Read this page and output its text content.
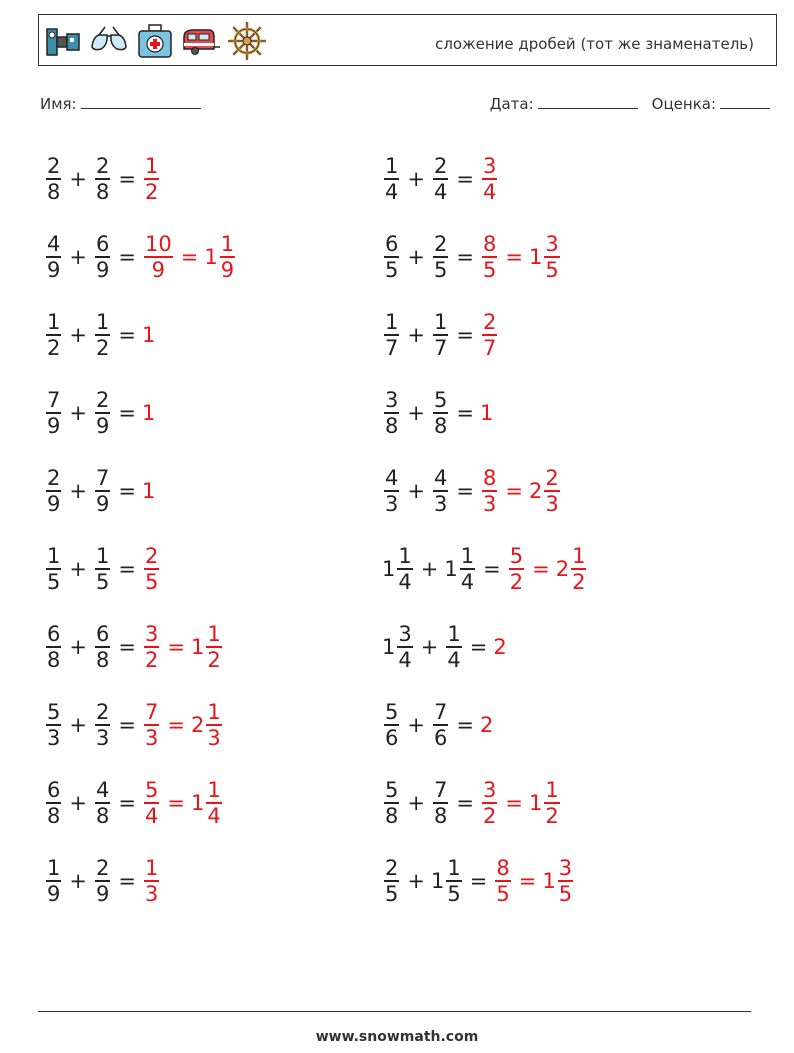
сложение дробей (тот же знаменатель)
Имя:	Дата:	Оценка:
$\frac{2}{8} + \frac{2}{8} = \frac{1}{2}$
$\frac{4}{9} + \frac{6}{9} = \frac{10}{9} = 1 \frac{1}{9}$
$\frac{1}{2} + \frac{1}{2} = 1$
$\frac{7}{9} + \frac{2}{9} = 1$
$\frac{2}{9} + \frac{7}{9} = 1$
$\frac{1}{5} + \frac{1}{5} = \frac{2}{5}$
$\frac{6}{8} + \frac{6}{8} = \frac{3}{2} = 1 \frac{1}{2}$
$\frac{5}{3} + \frac{2}{3} = \frac{7}{3} = 2 \frac{1}{3}$
$\frac{6}{8} + \frac{4}{8} = \frac{5}{4} = 1 \frac{1}{4}$
$\frac{1}{9} + \frac{2}{9} = \frac{1}{3}$
$\frac{1}{4} + \frac{2}{4} = \frac{3}{4}$
$\frac{6}{5} + \frac{2}{5} = \frac{8}{5} = 1 \frac{3}{5}$
$\frac{1}{7} + \frac{1}{7} = \frac{2}{7}$
$\frac{3}{8} + \frac{5}{8} = 1$
$\frac{4}{3} + \frac{4}{3} = \frac{8}{3} = 2 \frac{2}{3}$
$1 \frac{1}{4} + 1 \frac{1}{4} = \frac{5}{2} = 2 \frac{1}{2}$
$1 \frac{3}{4} + \frac{1}{4} = 2$
$\frac{5}{6} + \frac{7}{6} = 2$
$\frac{5}{8} + \frac{7}{8} = \frac{3}{2} = 1 \frac{1}{2}$
$\frac{2}{5} + 1 \frac{1}{5} = \frac{8}{5} = 1 \frac{3}{5}$
www.snowmath.com
